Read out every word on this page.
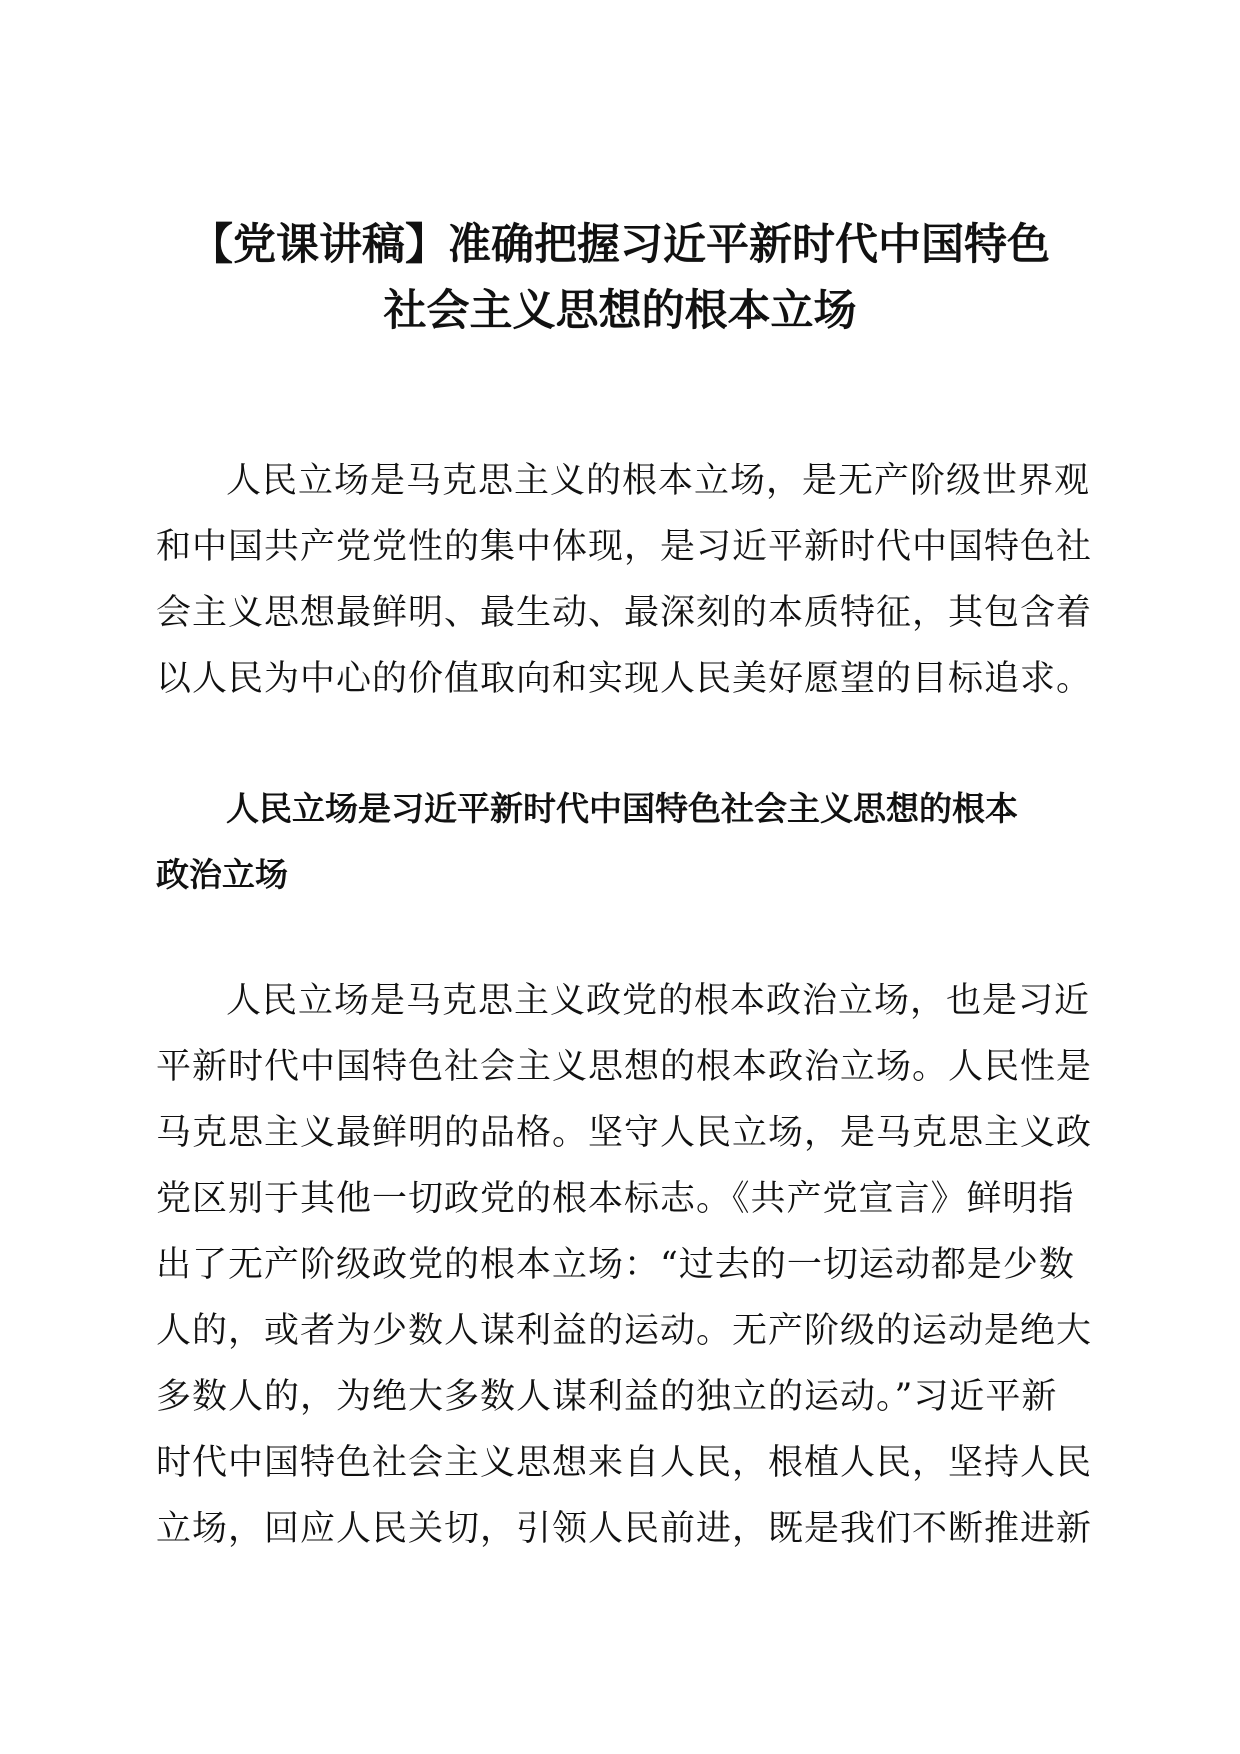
【党课讲稿】准确把握习近平新时代中国特色
社会主义思想的根本立场

人民立场是马克思主义的根本立场，是无产阶级世界观
和中国共产党党性的集中体现，是习近平新时代中国特色社
会主义思想最鲜明、最生动、最深刻的本质特征，其包含着
以人民为中心的价值取向和实现人民美好愿望的目标追求。

人民立场是习近平新时代中国特色社会主义思想的根本
政治立场

人民立场是马克思主义政党的根本政治立场，也是习近
平新时代中国特色社会主义思想的根本政治立场。人民性是
马克思主义最鲜明的品格。坚守人民立场，是马克思主义政
党区别于其他一切政党的根本标志。《共产党宣言》鲜明指
出了无产阶级政党的根本立场：“过去的一切运动都是少数
人的，或者为少数人谋利益的运动。无产阶级的运动是绝大
多数人的，为绝大多数人谋利益的独立的运动。”习近平新
时代中国特色社会主义思想来自人民，根植人民，坚持人民
立场，回应人民关切，引领人民前进，既是我们不断推进新
